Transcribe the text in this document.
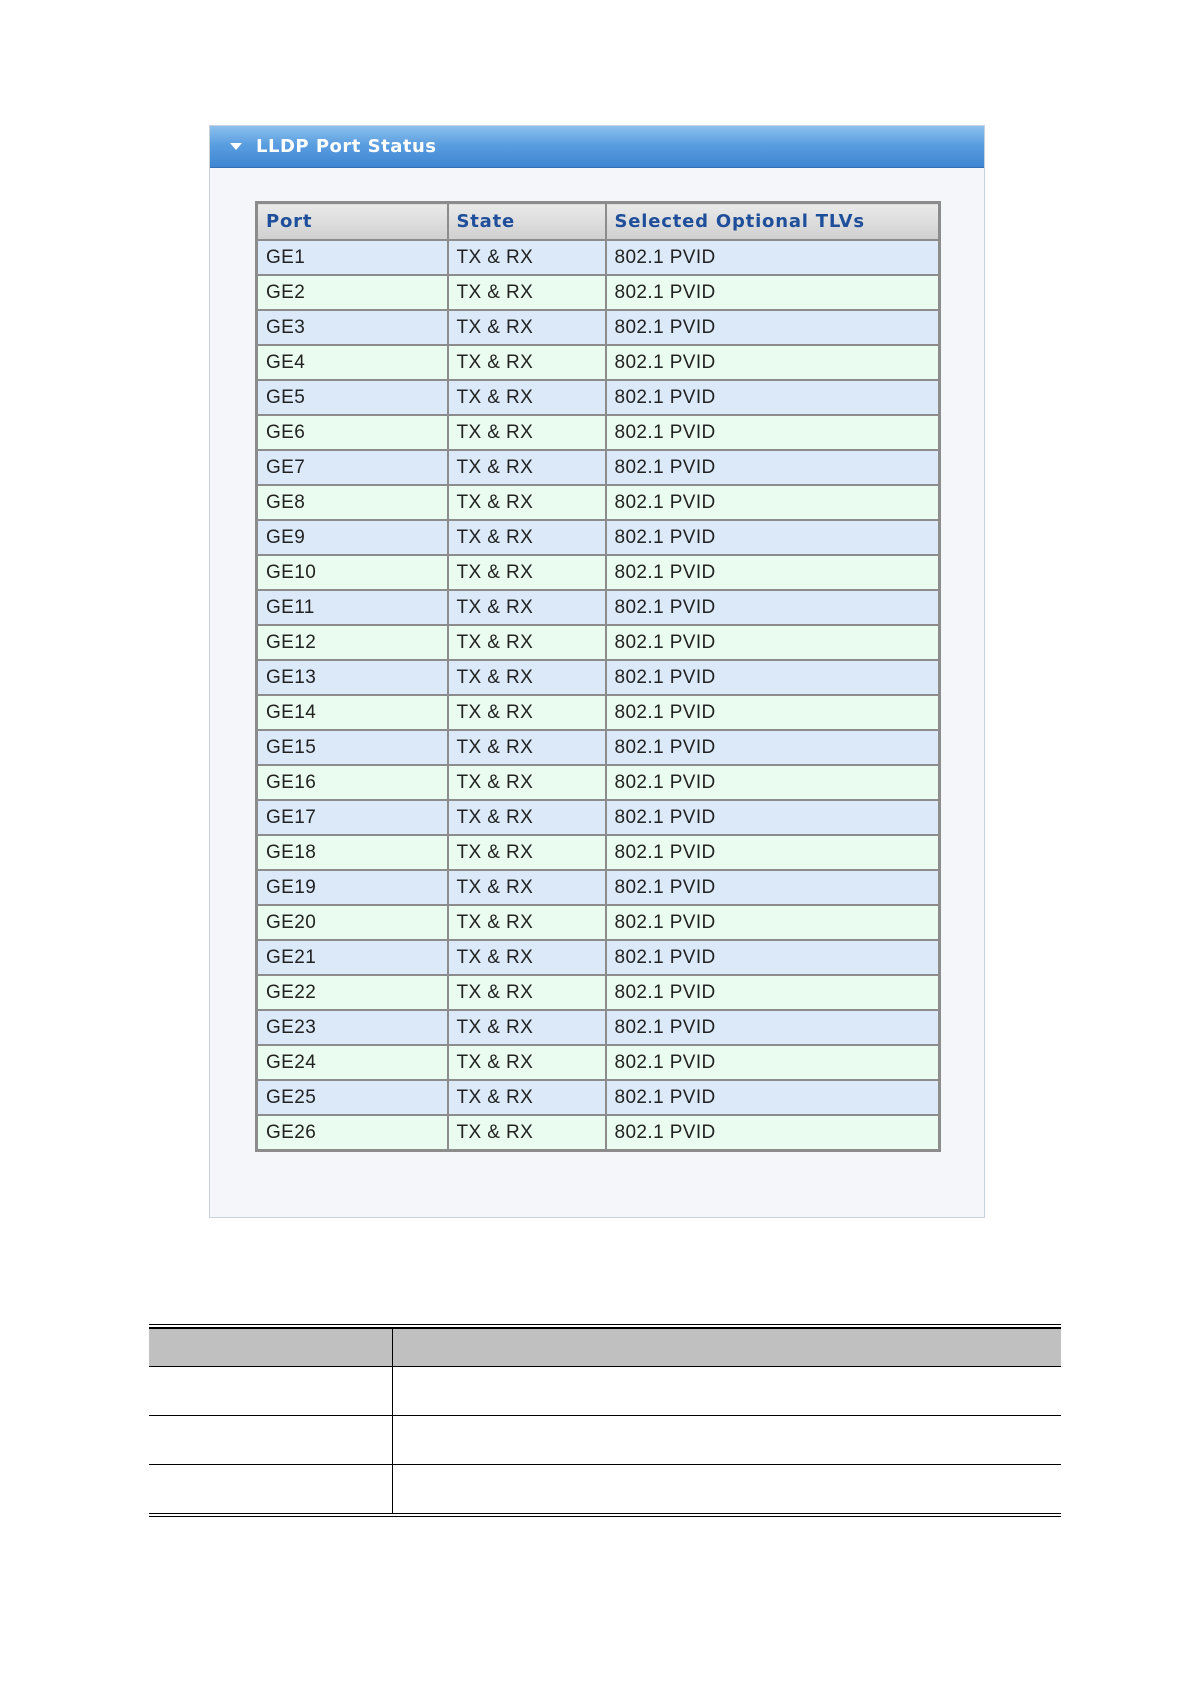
LLDP Port Status
Port	State	Selected Optional TLVs
GE1	TX & RX	802.1 PVID
GE2	TX & RX	802.1 PVID
GE3	TX & RX	802.1 PVID
GE4	TX & RX	802.1 PVID
GE5	TX & RX	802.1 PVID
GE6	TX & RX	802.1 PVID
GE7	TX & RX	802.1 PVID
GE8	TX & RX	802.1 PVID
GE9	TX & RX	802.1 PVID
GE10	TX & RX	802.1 PVID
GE11	TX & RX	802.1 PVID
GE12	TX & RX	802.1 PVID
GE13	TX & RX	802.1 PVID
GE14	TX & RX	802.1 PVID
GE15	TX & RX	802.1 PVID
GE16	TX & RX	802.1 PVID
GE17	TX & RX	802.1 PVID
GE18	TX & RX	802.1 PVID
GE19	TX & RX	802.1 PVID
GE20	TX & RX	802.1 PVID
GE21	TX & RX	802.1 PVID
GE22	TX & RX	802.1 PVID
GE23	TX & RX	802.1 PVID
GE24	TX & RX	802.1 PVID
GE25	TX & RX	802.1 PVID
GE26	TX & RX	802.1 PVID
